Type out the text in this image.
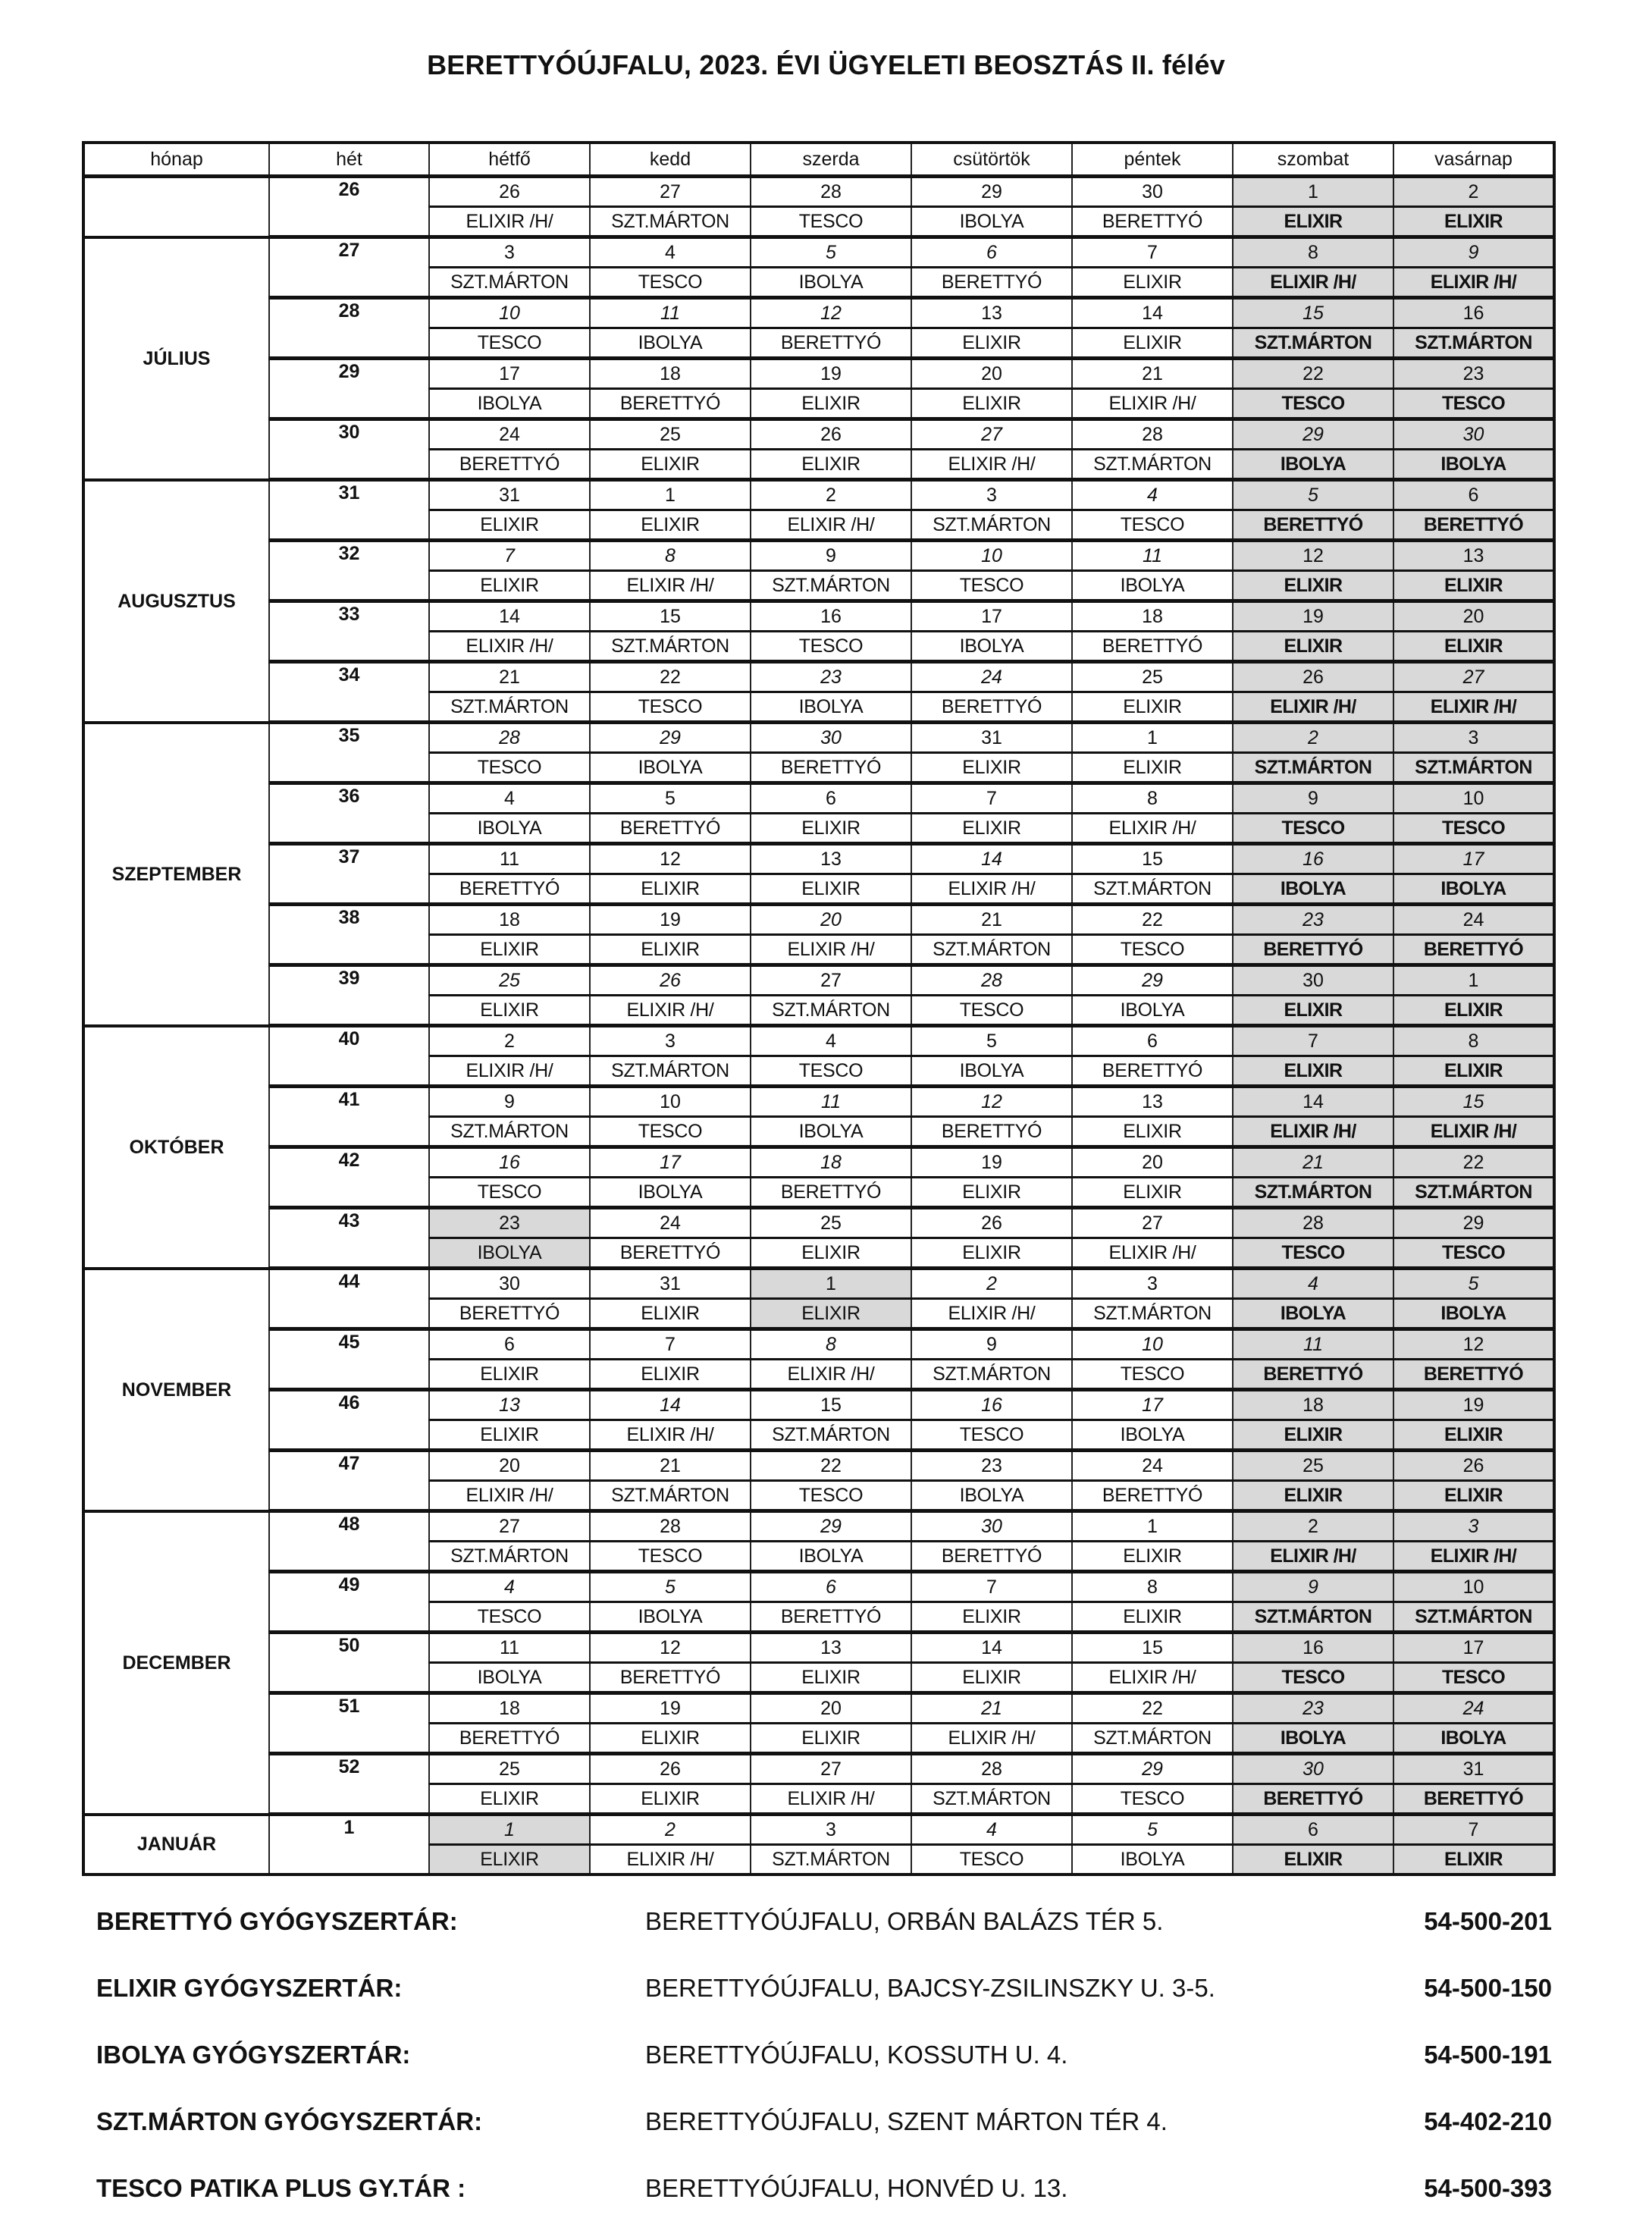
BERETTYÓÚJFALU, 2023. ÉVI ÜGYELETI BEOSZTÁS II. félév
hónap	hét	hétfő	kedd	szerda	csütörtök	péntek	szombat	vasárnap
	26	26	27	28	29	30	1	2
		ELIXIR /H/	SZT.MÁRTON	TESCO	IBOLYA	BERETTYÓ	ELIXIR	ELIXIR
JÚLIUS	27	3	4	5	6	7	8	9
		SZT.MÁRTON	TESCO	IBOLYA	BERETTYÓ	ELIXIR	ELIXIR /H/	ELIXIR /H/
	28	10	11	12	13	14	15	16
		TESCO	IBOLYA	BERETTYÓ	ELIXIR	ELIXIR	SZT.MÁRTON	SZT.MÁRTON
	29	17	18	19	20	21	22	23
		IBOLYA	BERETTYÓ	ELIXIR	ELIXIR	ELIXIR /H/	TESCO	TESCO
	30	24	25	26	27	28	29	30
		BERETTYÓ	ELIXIR	ELIXIR	ELIXIR /H/	SZT.MÁRTON	IBOLYA	IBOLYA
AUGUSZTUS	31	31	1	2	3	4	5	6
		ELIXIR	ELIXIR	ELIXIR /H/	SZT.MÁRTON	TESCO	BERETTYÓ	BERETTYÓ
	32	7	8	9	10	11	12	13
		ELIXIR	ELIXIR /H/	SZT.MÁRTON	TESCO	IBOLYA	ELIXIR	ELIXIR
	33	14	15	16	17	18	19	20
		ELIXIR /H/	SZT.MÁRTON	TESCO	IBOLYA	BERETTYÓ	ELIXIR	ELIXIR
	34	21	22	23	24	25	26	27
		SZT.MÁRTON	TESCO	IBOLYA	BERETTYÓ	ELIXIR	ELIXIR /H/	ELIXIR /H/
SZEPTEMBER	35	28	29	30	31	1	2	3
		TESCO	IBOLYA	BERETTYÓ	ELIXIR	ELIXIR	SZT.MÁRTON	SZT.MÁRTON
	36	4	5	6	7	8	9	10
		IBOLYA	BERETTYÓ	ELIXIR	ELIXIR	ELIXIR /H/	TESCO	TESCO
	37	11	12	13	14	15	16	17
		BERETTYÓ	ELIXIR	ELIXIR	ELIXIR /H/	SZT.MÁRTON	IBOLYA	IBOLYA
	38	18	19	20	21	22	23	24
		ELIXIR	ELIXIR	ELIXIR /H/	SZT.MÁRTON	TESCO	BERETTYÓ	BERETTYÓ
	39	25	26	27	28	29	30	1
		ELIXIR	ELIXIR /H/	SZT.MÁRTON	TESCO	IBOLYA	ELIXIR	ELIXIR
OKTÓBER	40	2	3	4	5	6	7	8
		ELIXIR /H/	SZT.MÁRTON	TESCO	IBOLYA	BERETTYÓ	ELIXIR	ELIXIR
	41	9	10	11	12	13	14	15
		SZT.MÁRTON	TESCO	IBOLYA	BERETTYÓ	ELIXIR	ELIXIR /H/	ELIXIR /H/
	42	16	17	18	19	20	21	22
		TESCO	IBOLYA	BERETTYÓ	ELIXIR	ELIXIR	SZT.MÁRTON	SZT.MÁRTON
	43	23	24	25	26	27	28	29
		IBOLYA	BERETTYÓ	ELIXIR	ELIXIR	ELIXIR /H/	TESCO	TESCO
NOVEMBER	44	30	31	1	2	3	4	5
		BERETTYÓ	ELIXIR	ELIXIR	ELIXIR /H/	SZT.MÁRTON	IBOLYA	IBOLYA
	45	6	7	8	9	10	11	12
		ELIXIR	ELIXIR	ELIXIR /H/	SZT.MÁRTON	TESCO	BERETTYÓ	BERETTYÓ
	46	13	14	15	16	17	18	19
		ELIXIR	ELIXIR /H/	SZT.MÁRTON	TESCO	IBOLYA	ELIXIR	ELIXIR
	47	20	21	22	23	24	25	26
		ELIXIR /H/	SZT.MÁRTON	TESCO	IBOLYA	BERETTYÓ	ELIXIR	ELIXIR
DECEMBER	48	27	28	29	30	1	2	3
		SZT.MÁRTON	TESCO	IBOLYA	BERETTYÓ	ELIXIR	ELIXIR /H/	ELIXIR /H/
	49	4	5	6	7	8	9	10
		TESCO	IBOLYA	BERETTYÓ	ELIXIR	ELIXIR	SZT.MÁRTON	SZT.MÁRTON
	50	11	12	13	14	15	16	17
		IBOLYA	BERETTYÓ	ELIXIR	ELIXIR	ELIXIR /H/	TESCO	TESCO
	51	18	19	20	21	22	23	24
		BERETTYÓ	ELIXIR	ELIXIR	ELIXIR /H/	SZT.MÁRTON	IBOLYA	IBOLYA
	52	25	26	27	28	29	30	31
		ELIXIR	ELIXIR	ELIXIR /H/	SZT.MÁRTON	TESCO	BERETTYÓ	BERETTYÓ
JANUÁR	1	1	2	3	4	5	6	7
		ELIXIR	ELIXIR /H/	SZT.MÁRTON	TESCO	IBOLYA	ELIXIR	ELIXIR
BERETTYÓ GYÓGYSZERTÁR:	BERETTYÓÚJFALU, ORBÁN BALÁZS TÉR 5.	54-500-201
ELIXIR GYÓGYSZERTÁR:	BERETTYÓÚJFALU, BAJCSY-ZSILINSZKY U. 3-5.	54-500-150
IBOLYA GYÓGYSZERTÁR:	BERETTYÓÚJFALU, KOSSUTH U. 4.	54-500-191
SZT.MÁRTON GYÓGYSZERTÁR:	BERETTYÓÚJFALU, SZENT MÁRTON TÉR 4.	54-402-210
TESCO PATIKA PLUS GY.TÁR :	BERETTYÓÚJFALU, HONVÉD U. 13.	54-500-393
